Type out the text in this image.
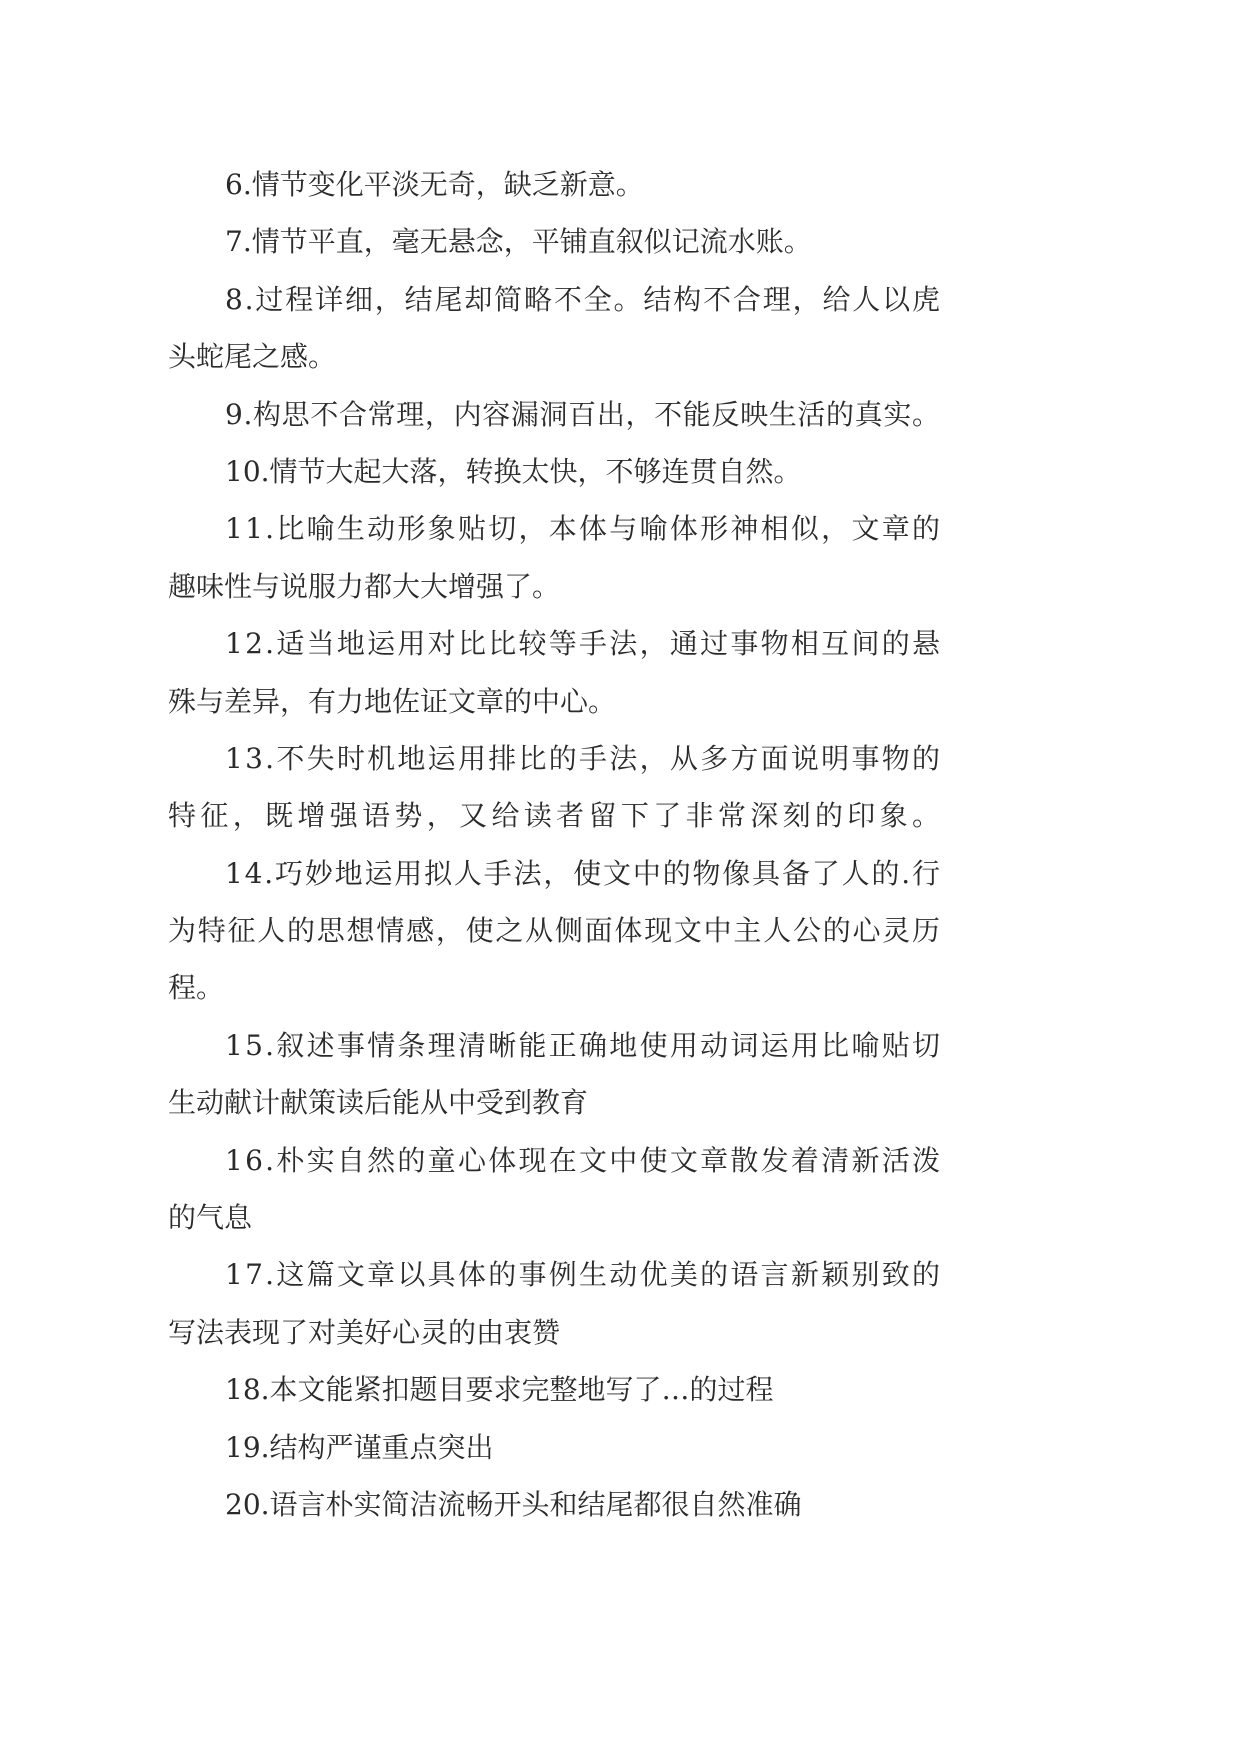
6.情节变化平淡无奇，缺乏新意。
7.情节平直，毫无悬念，平铺直叙似记流水账。
8.过程详细，结尾却简略不全。结构不合理，给人以虎
头蛇尾之感。
9.构思不合常理，内容漏洞百出，不能反映生活的真实。
10.情节大起大落，转换太快，不够连贯自然。
11.比喻生动形象贴切，本体与喻体形神相似，文章的
趣味性与说服力都大大增强了。
12.适当地运用对比比较等手法，通过事物相互间的悬
殊与差异，有力地佐证文章的中心。
13.不失时机地运用排比的手法，从多方面说明事物的
特征，既增强语势，又给读者留下了非常深刻的印象。
14.巧妙地运用拟人手法，使文中的物像具备了人的.行
为特征人的思想情感，使之从侧面体现文中主人公的心灵历
程。
15.叙述事情条理清晰能正确地使用动词运用比喻贴切
生动献计献策读后能从中受到教育
16.朴实自然的童心体现在文中使文章散发着清新活泼
的气息
17.这篇文章以具体的事例生动优美的语言新颖别致的
写法表现了对美好心灵的由衷赞
18.本文能紧扣题目要求完整地写了…的过程
19.结构严谨重点突出
20.语言朴实简洁流畅开头和结尾都很自然准确
